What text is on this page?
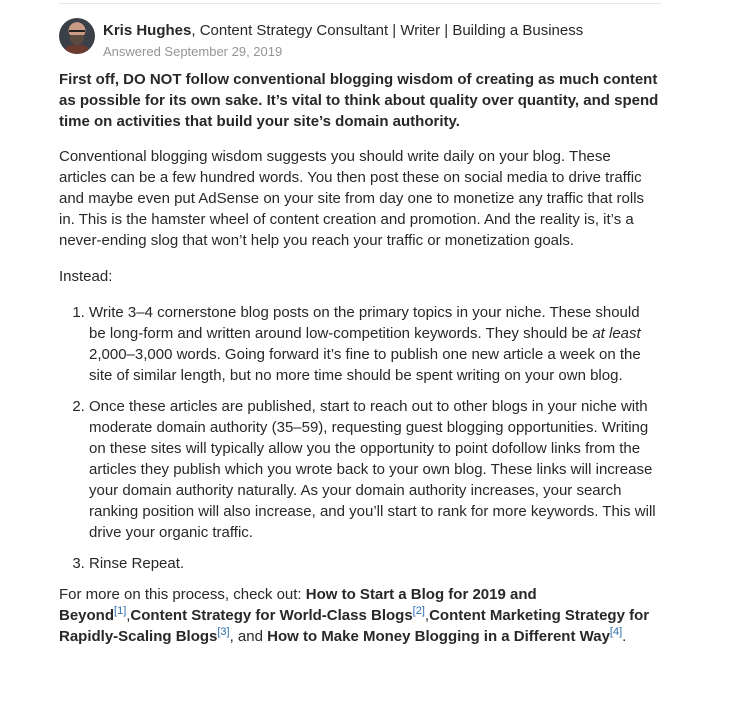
Kris Hughes, Content Strategy Consultant | Writer | Building a Business
Answered September 29, 2019

First off, DO NOT follow conventional blogging wisdom of creating as much content as possible for its own sake. It’s vital to think about quality over quantity, and spend time on activities that build your site’s domain authority.

Conventional blogging wisdom suggests you should write daily on your blog. These articles can be a few hundred words. You then post these on social media to drive traffic and maybe even put AdSense on your site from day one to monetize any traffic that rolls in. This is the hamster wheel of content creation and promotion. And the reality is, it’s a never-ending slog that won’t help you reach your traffic or monetization goals.

Instead:

1. Write 3–4 cornerstone blog posts on the primary topics in your niche. These should be long-form and written around low-competition keywords. They should be at least 2,000–3,000 words. Going forward it’s fine to publish one new article a week on the site of similar length, but no more time should be spent writing on your own blog.
2. Once these articles are published, start to reach out to other blogs in your niche with moderate domain authority (35–59), requesting guest blogging opportunities. Writing on these sites will typically allow you the opportunity to point dofollow links from the articles they publish which you wrote back to your own blog. These links will increase your domain authority naturally. As your domain authority increases, your search ranking position will also increase, and you’ll start to rank for more keywords. This will drive your organic traffic.
3. Rinse Repeat.

For more on this process, check out: How to Start a Blog for 2019 and Beyond[1],Content Strategy for World-Class Blogs[2],Content Marketing Strategy for Rapidly-Scaling Blogs[3], and How to Make Money Blogging in a Different Way[4].
